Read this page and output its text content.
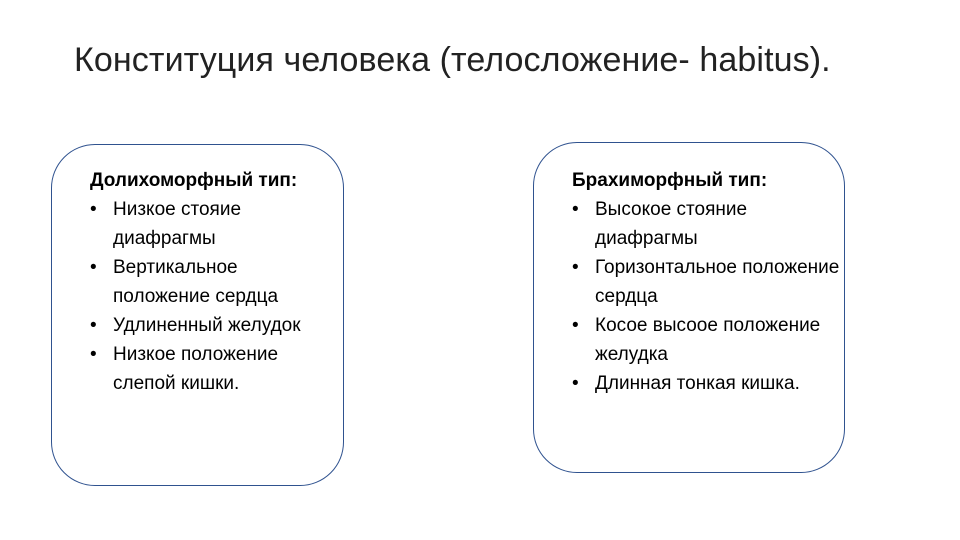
Конституция человека (телосложение- habitus).
Долихоморфный тип:
• Низкое стояие диафрагмы
• Вертикальное положение сердца
• Удлиненный желудок
• Низкое положение слепой кишки.
Брахиморфный тип:
• Высокое стояние диафрагмы
• Горизонтальное положение сердца
• Косое высоое положение желудка
• Длинная тонкая кишка.
